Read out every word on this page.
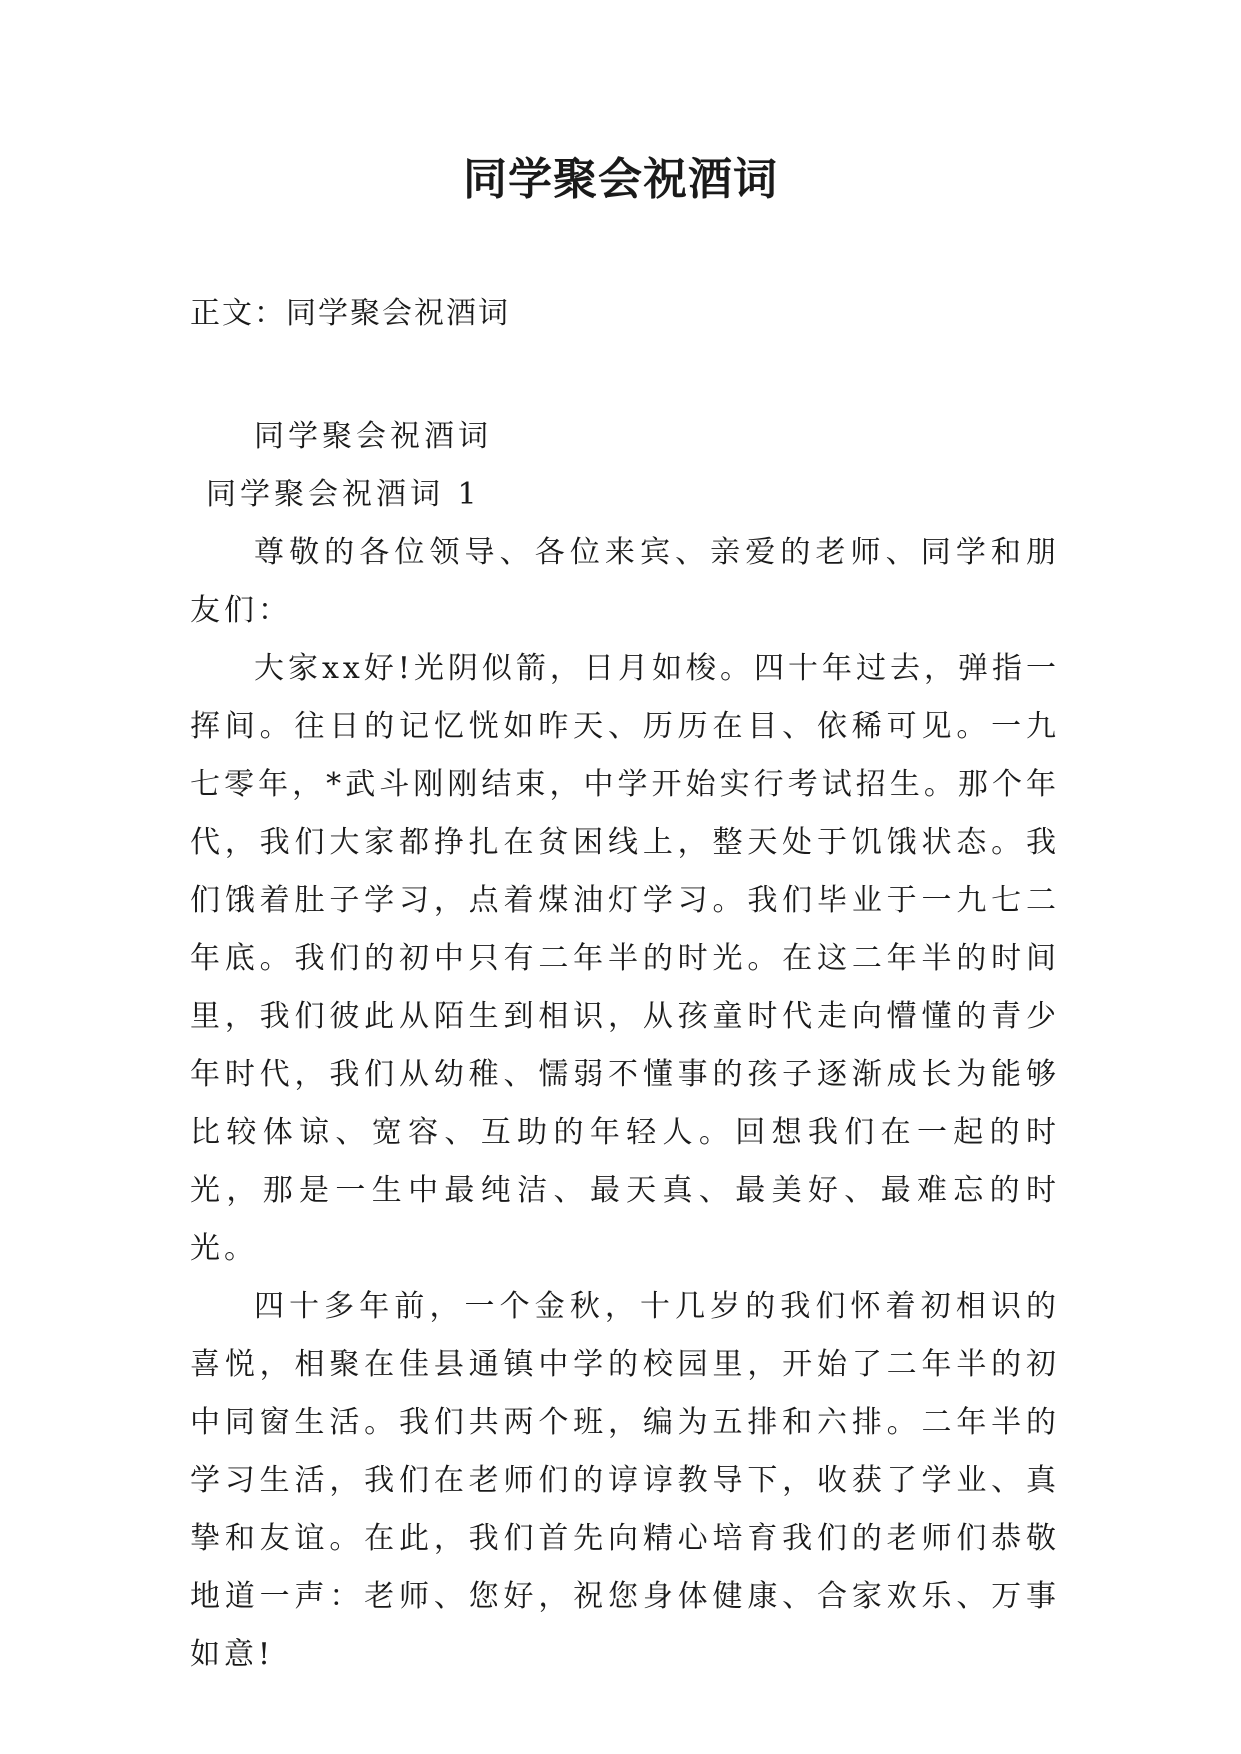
同学聚会祝酒词

正文：同学聚会祝酒词

同学聚会祝酒词

同学聚会祝酒词 1

尊敬的各位领导、各位来宾、亲爱的老师、同学和朋友们：

大家xx好!光阴似箭，日月如梭。四十年过去，弹指一挥间。往日的记忆恍如昨天、历历在目、依稀可见。一九七零年，*武斗刚刚结束，中学开始实行考试招生。那个年代，我们大家都挣扎在贫困线上，整天处于饥饿状态。我们饿着肚子学习，点着煤油灯学习。我们毕业于一九七二年底。我们的初中只有二年半的时光。在这二年半的时间里，我们彼此从陌生到相识，从孩童时代走向懵懂的青少年时代，我们从幼稚、懦弱不懂事的孩子逐渐成长为能够比较体谅、宽容、互助的年轻人。回想我们在一起的时光，那是一生中最纯洁、最天真、最美好、最难忘的时光。

四十多年前，一个金秋，十几岁的我们怀着初相识的喜悦，相聚在佳县通镇中学的校园里，开始了二年半的初中同窗生活。我们共两个班，编为五排和六排。二年半的学习生活，我们在老师们的谆谆教导下，收获了学业、真挚和友谊。在此，我们首先向精心培育我们的老师们恭敬地道一声：老师、您好，祝您身体健康、合家欢乐、万事如意!
